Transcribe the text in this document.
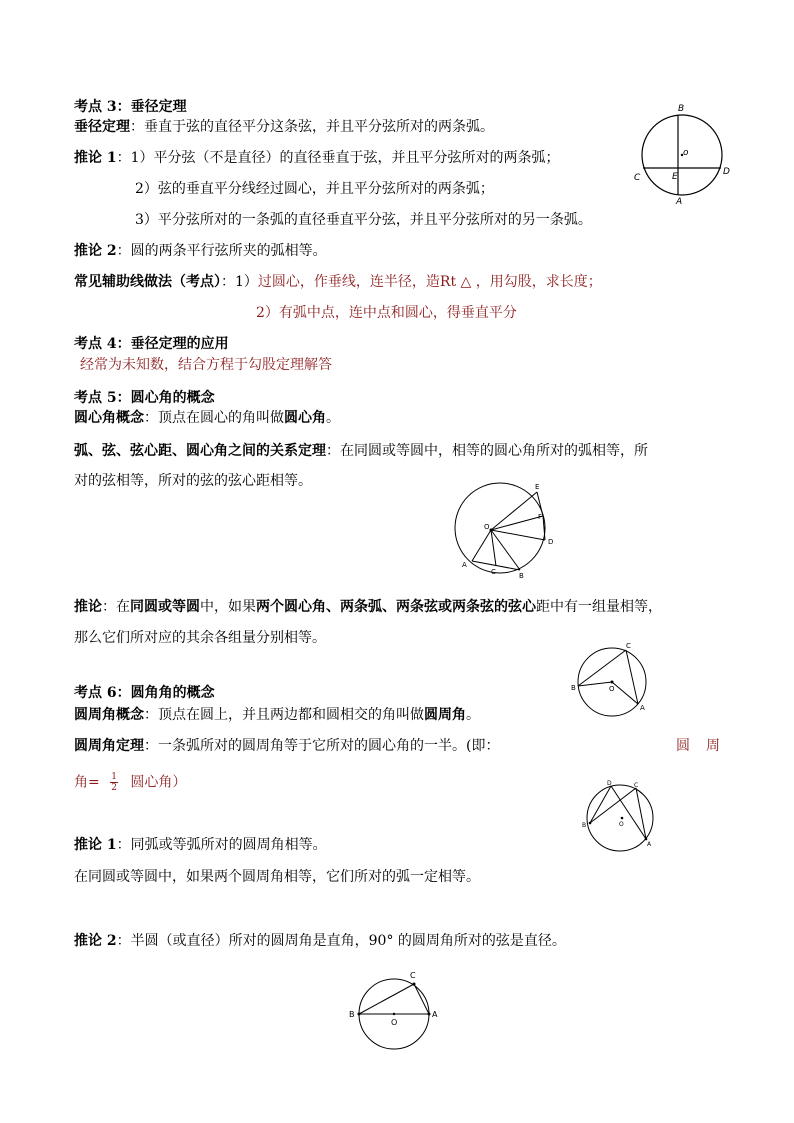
考点 3：垂径定理
垂径定理：垂直于弦的直径平分这条弦，并且平分弦所对的两条弧。
推论 1：1）平分弦（不是直径）的直径垂直于弦，并且平分弦所对的两条弧；
2）弦的垂直平分线经过圆心，并且平分弦所对的两条弧；
3）平分弦所对的一条弧的直径垂直平分弦，并且平分弦所对的另一条弧。
推论 2：圆的两条平行弦所夹的弧相等。
常见辅助线做法（考点）：1）过圆心，作垂线，连半径，造Rt △ ，用勾股，求长度；
2）有弧中点，连中点和圆心，得垂直平分
B
o
C	E	D
A
考点 4：垂径定理的应用
经常为未知数，结合方程于勾股定理解答
考点 5：圆心角的概念
圆心角概念：顶点在圆心的角叫做圆心角。
弧、弦、弦心距、圆心角之间的关系定理：在同圆或等圆中，相等的圆心角所对的弧相等，所
对的弦相等，所对的弦的弦心距相等。	E
F
O
D
A
C	B
推论：在同圆或等圆中，如果两个圆心角、两条弧、两条弦或两条弦的弦心距中有一组量相等，
那么它们所对应的其余各组量分别相等。
考点 6：圆角角的概念
C
B	O
A
圆周角概念：顶点在圆上，并且两边都和圆相交的角叫做圆周角。
圆周角定理：一条弧所对的圆周角等于它所对的圆心角的一半。(即：	圆 周
角= $\frac{1}{2}$ 圆心角）	D	C
B	O
A
推论 1：同弧或等弧所对的圆周角相等。
在同圆或等圆中，如果两个圆周角相等，它们所对的弧一定相等。
推论 2：半圆（或直径）所对的圆周角是直角，90° 的圆周角所对的弦是直径。
C
B
O
A
